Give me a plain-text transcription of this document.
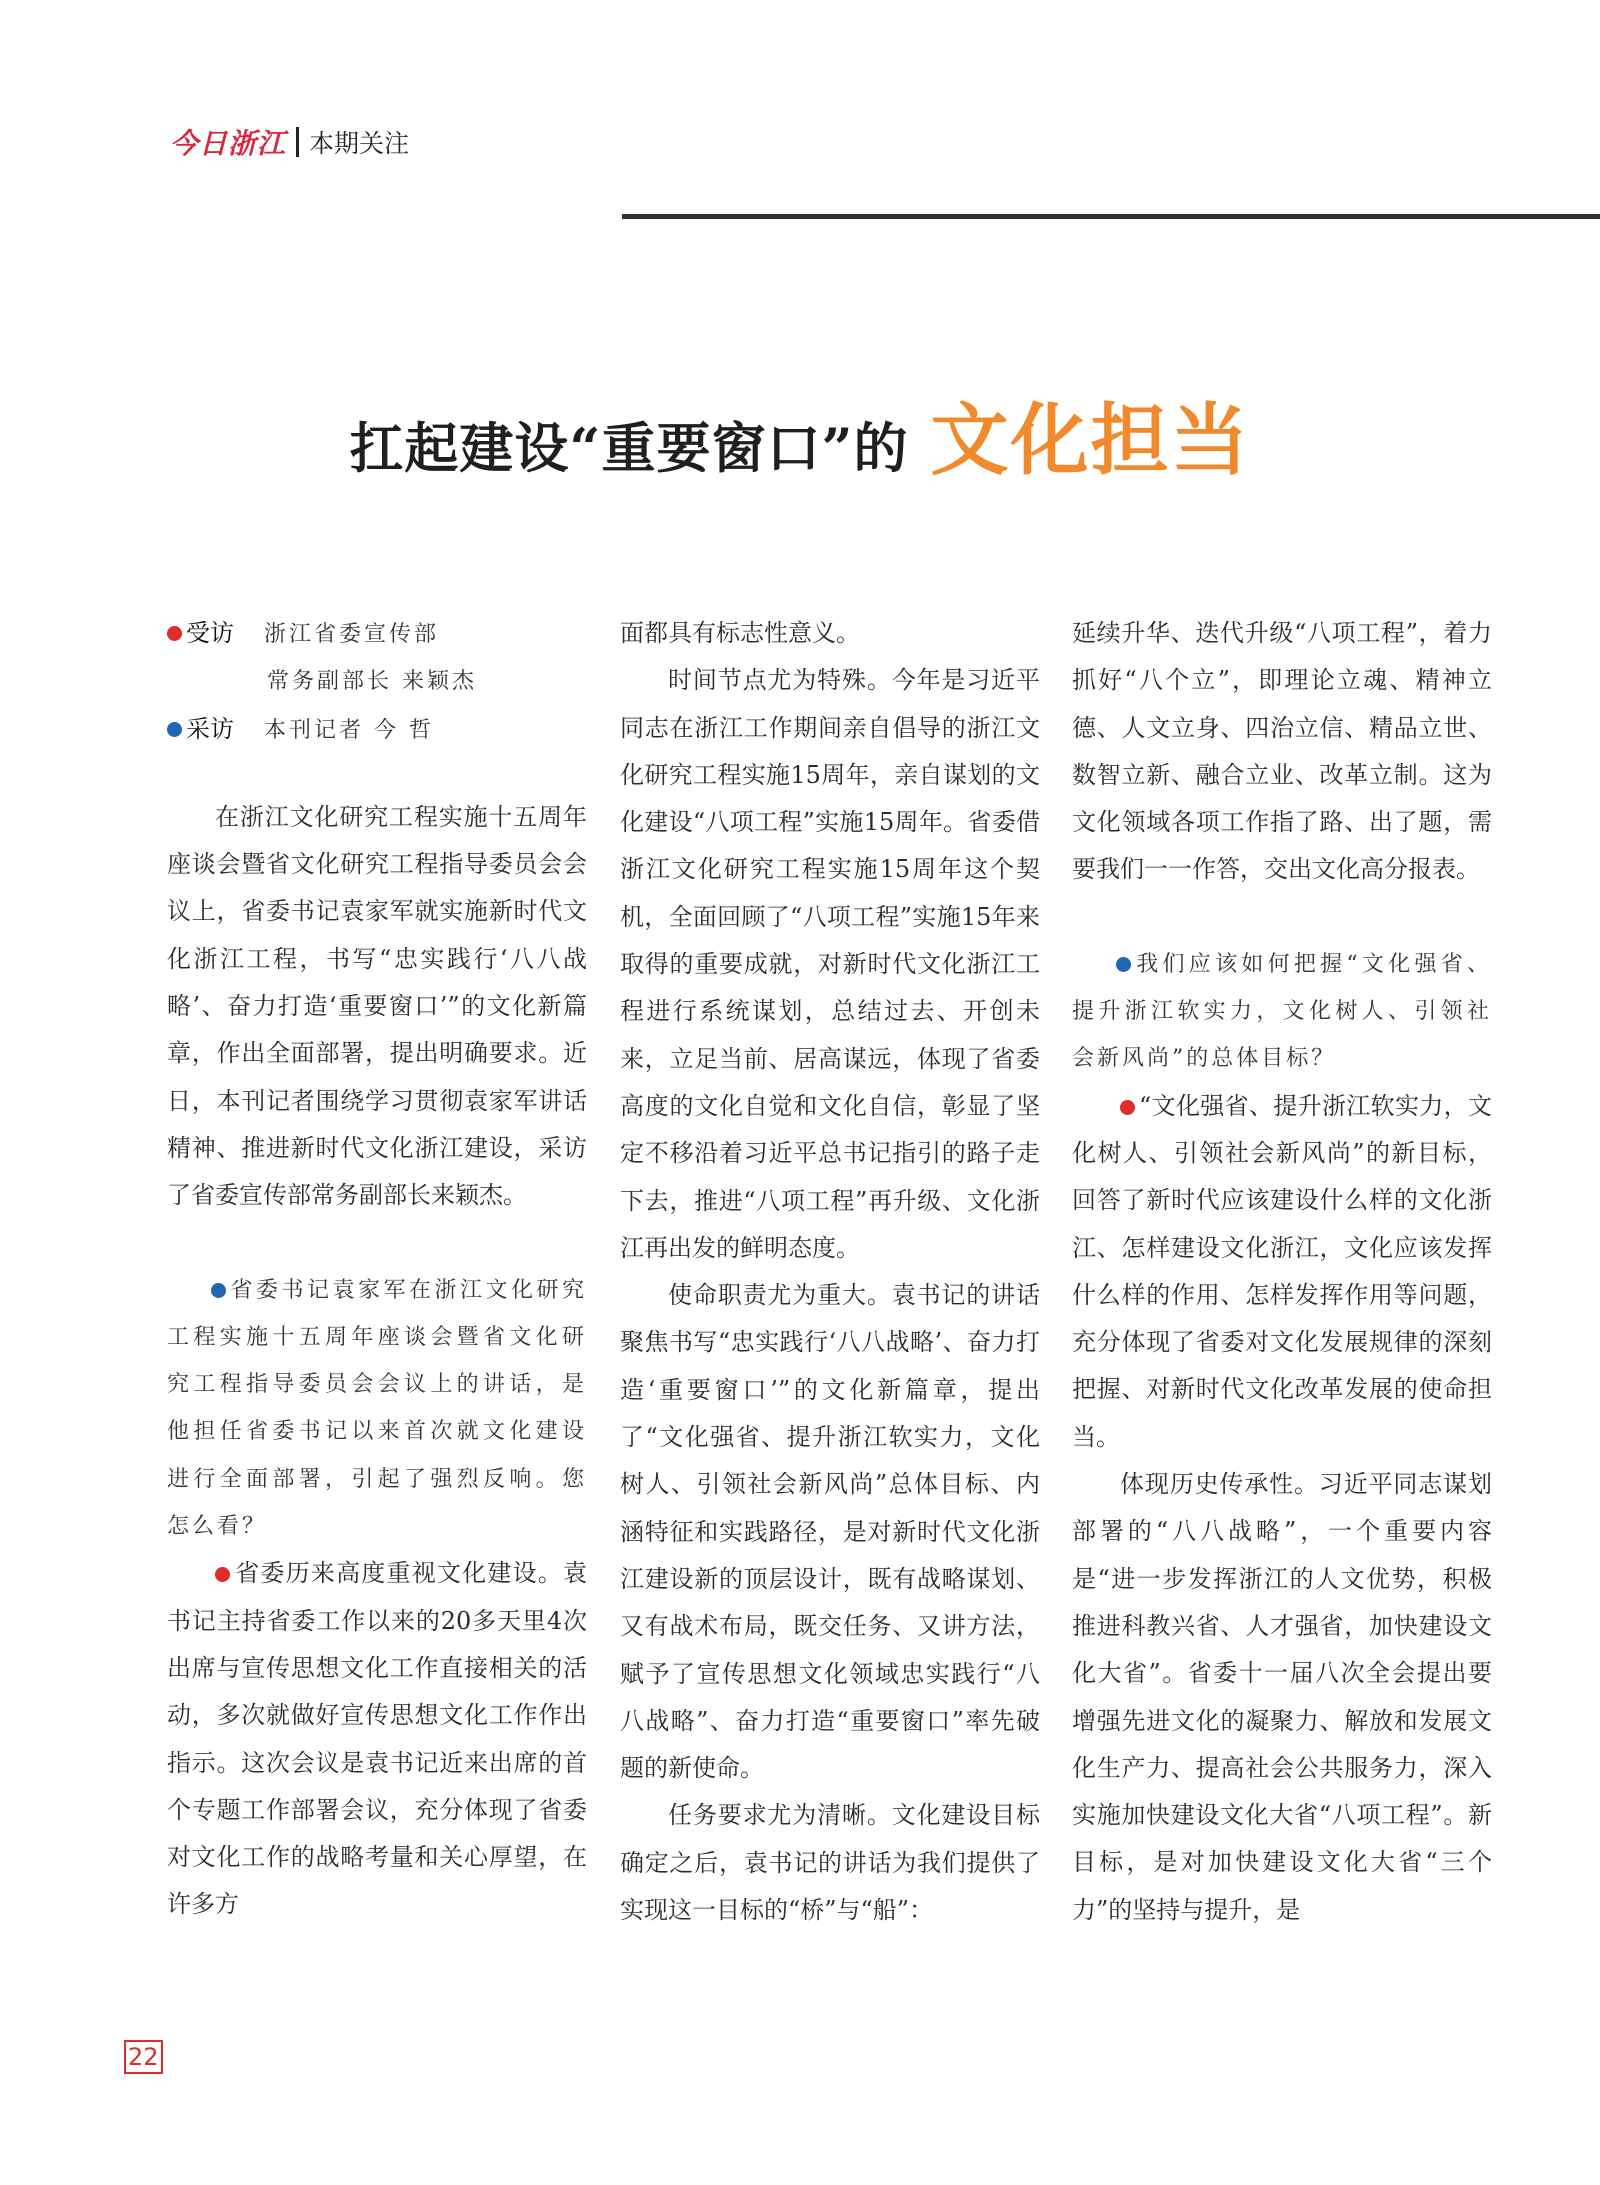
今日浙江 本期关注
扛起建设“重要窗口”的 文化担当
受访	浙江省委宣传部
常务副部长 来颖杰
采访	本刊记者 今 哲

在浙江文化研究工程实施十五周年座谈会暨省文化研究工程指导委员会会议上，省委书记袁家军就实施新时代文化浙江工程，书写“忠实践行‘八八战略’、奋力打造‘重要窗口’”的文化新篇章，作出全面部署，提出明确要求。近日，本刊记者围绕学习贯彻袁家军讲话精神、推进新时代文化浙江建设，采访了省委宣传部常务副部长来颖杰。

省委书记袁家军在浙江文化研究工程实施十五周年座谈会暨省文化研究工程指导委员会会议上的讲话，是他担任省委书记以来首次就文化建设进行全面部署，引起了强烈反响。您怎么看？

省委历来高度重视文化建设。袁书记主持省委工作以来的20多天里4次出席与宣传思想文化工作直接相关的活动，多次就做好宣传思想文化工作作出指示。这次会议是袁书记近来出席的首个专题工作部署会议，充分体现了省委对文化工作的战略考量和关心厚望，在许多方

面都具有标志性意义。

时间节点尤为特殊。今年是习近平同志在浙江工作期间亲自倡导的浙江文化研究工程实施15周年，亲自谋划的文化建设“八项工程”实施15周年。省委借浙江文化研究工程实施15周年这个契机，全面回顾了“八项工程”实施15年来取得的重要成就，对新时代文化浙江工程进行系统谋划，总结过去、开创未来，立足当前、居高谋远，体现了省委高度的文化自觉和文化自信，彰显了坚定不移沿着习近平总书记指引的路子走下去，推进“八项工程”再升级、文化浙江再出发的鲜明态度。

使命职责尤为重大。袁书记的讲话聚焦书写“忠实践行‘八八战略’、奋力打造‘重要窗口’”的文化新篇章，提出了“文化强省、提升浙江软实力，文化树人、引领社会新风尚”总体目标、内涵特征和实践路径，是对新时代文化浙江建设新的顶层设计，既有战略谋划、又有战术布局，既交任务、又讲方法，赋予了宣传思想文化领域忠实践行“八八战略”、奋力打造“重要窗口”率先破题的新使命。

任务要求尤为清晰。文化建设目标确定之后，袁书记的讲话为我们提供了实现这一目标的“桥”与“船”：

延续升华、迭代升级“八项工程”，着力抓好“八个立”，即理论立魂、精神立德、人文立身、四治立信、精品立世、数智立新、融合立业、改革立制。这为文化领域各项工作指了路、出了题，需要我们一一作答，交出文化高分报表。

我们应该如何把握“文化强省、提升浙江软实力，文化树人、引领社会新风尚”的总体目标？

“文化强省、提升浙江软实力，文化树人、引领社会新风尚”的新目标，回答了新时代应该建设什么样的文化浙江、怎样建设文化浙江，文化应该发挥什么样的作用、怎样发挥作用等问题，充分体现了省委对文化发展规律的深刻把握、对新时代文化改革发展的使命担当。

体现历史传承性。习近平同志谋划部署的“八八战略”，一个重要内容是“进一步发挥浙江的人文优势，积极推进科教兴省、人才强省，加快建设文化大省”。省委十一届八次全会提出要增强先进文化的凝聚力、解放和发展文化生产力、提高社会公共服务力，深入实施加快建设文化大省“八项工程”。新目标，是对加快建设文化大省“三个力”的坚持与提升，是

22
